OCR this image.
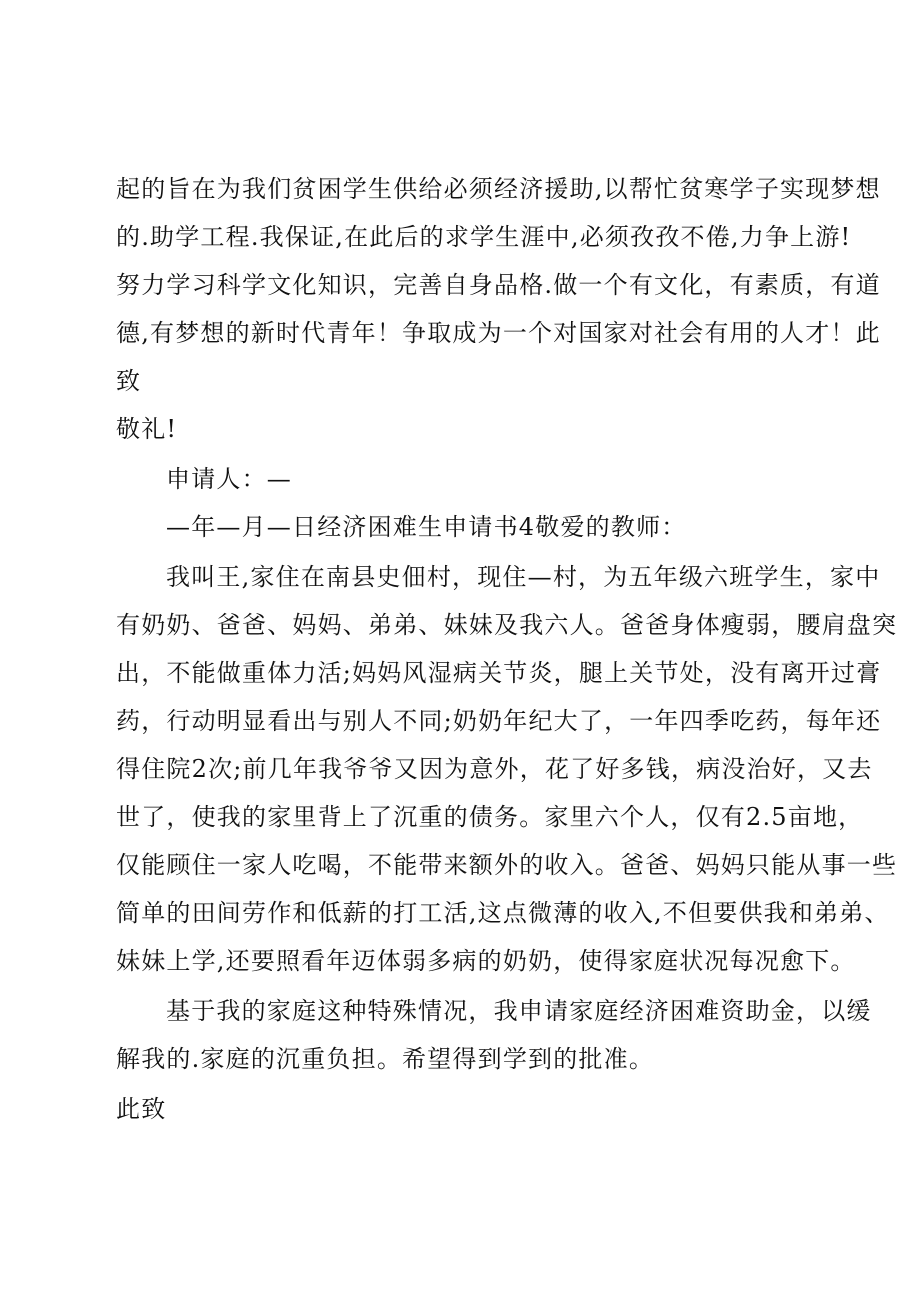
起的旨在为我们贫困学生供给必须经济援助,以帮忙贫寒学子实现梦想
的.助学工程.我保证,在此后的求学生涯中,必须孜孜不倦,力争上游!
努力学习科学文化知识，完善自身品格.做一个有文化，有素质，有道
德,有梦想的新时代青年！争取成为一个对国家对社会有用的人才！此
致
敬礼!
申请人：—
—年—月—日经济困难生申请书4敬爱的教师：
我叫王,家住在南县史佃村，现住—村，为五年级六班学生，家中
有奶奶、爸爸、妈妈、弟弟、妹妹及我六人。爸爸身体瘦弱，腰肩盘突
出，不能做重体力活;妈妈风湿病关节炎，腿上关节处，没有离开过膏
药，行动明显看出与别人不同;奶奶年纪大了，一年四季吃药，每年还
得住院2次;前几年我爷爷又因为意外，花了好多钱，病没治好，又去
世了，使我的家里背上了沉重的债务。家里六个人，仅有2.5亩地，
仅能顾住一家人吃喝，不能带来额外的收入。爸爸、妈妈只能从事一些
简单的田间劳作和低薪的打工活,这点微薄的收入,不但要供我和弟弟、
妹妹上学,还要照看年迈体弱多病的奶奶，使得家庭状况每况愈下。
基于我的家庭这种特殊情况，我申请家庭经济困难资助金，以缓
解我的.家庭的沉重负担。希望得到学到的批准。
此致
